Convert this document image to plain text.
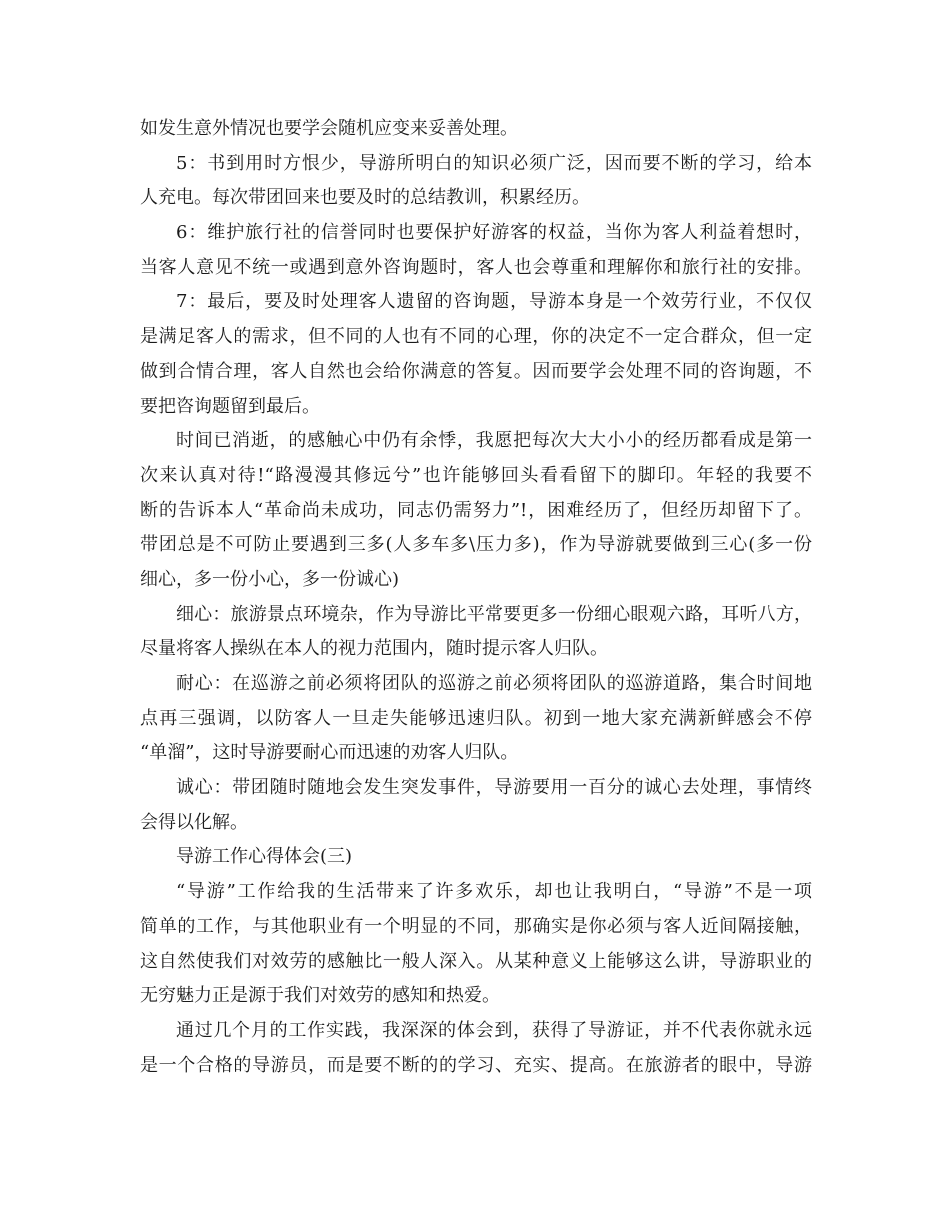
如发生意外情况也要学会随机应变来妥善处理。
5：书到用时方恨少，导游所明白的知识必须广泛，因而要不断的学习，给本
人充电。每次带团回来也要及时的总结教训，积累经历。
6：维护旅行社的信誉同时也要保护好游客的权益，当你为客人利益着想时，
当客人意见不统一或遇到意外咨询题时，客人也会尊重和理解你和旅行社的安排。
7：最后，要及时处理客人遗留的咨询题，导游本身是一个效劳行业，不仅仅
是满足客人的需求，但不同的人也有不同的心理，你的决定不一定合群众，但一定
做到合情合理，客人自然也会给你满意的答复。因而要学会处理不同的咨询题，不
要把咨询题留到最后。
时间已消逝，的感触心中仍有余悸，我愿把每次大大小小的经历都看成是第一
次来认真对待!“路漫漫其修远兮”也许能够回头看看留下的脚印。年轻的我要不
断的告诉本人“革命尚未成功，同志仍需努力”!，困难经历了，但经历却留下了。
带团总是不可防止要遇到三多(人多车多\压力多)，作为导游就要做到三心(多一份
细心，多一份小心，多一份诚心)
细心：旅游景点环境杂，作为导游比平常要更多一份细心眼观六路，耳听八方，
尽量将客人操纵在本人的视力范围内，随时提示客人归队。
耐心：在巡游之前必须将团队的巡游之前必须将团队的巡游道路，集合时间地
点再三强调，以防客人一旦走失能够迅速归队。初到一地大家充满新鲜感会不停
“单溜”，这时导游要耐心而迅速的劝客人归队。
诚心：带团随时随地会发生突发事件，导游要用一百分的诚心去处理，事情终
会得以化解。
导游工作心得体会(三)
“导游”工作给我的生活带来了许多欢乐，却也让我明白，“导游”不是一项
简单的工作，与其他职业有一个明显的不同，那确实是你必须与客人近间隔接触，
这自然使我们对效劳的感触比一般人深入。从某种意义上能够这么讲，导游职业的
无穷魅力正是源于我们对效劳的感知和热爱。
通过几个月的工作实践，我深深的体会到，获得了导游证，并不代表你就永远
是一个合格的导游员，而是要不断的的学习、充实、提高。在旅游者的眼中，导游
